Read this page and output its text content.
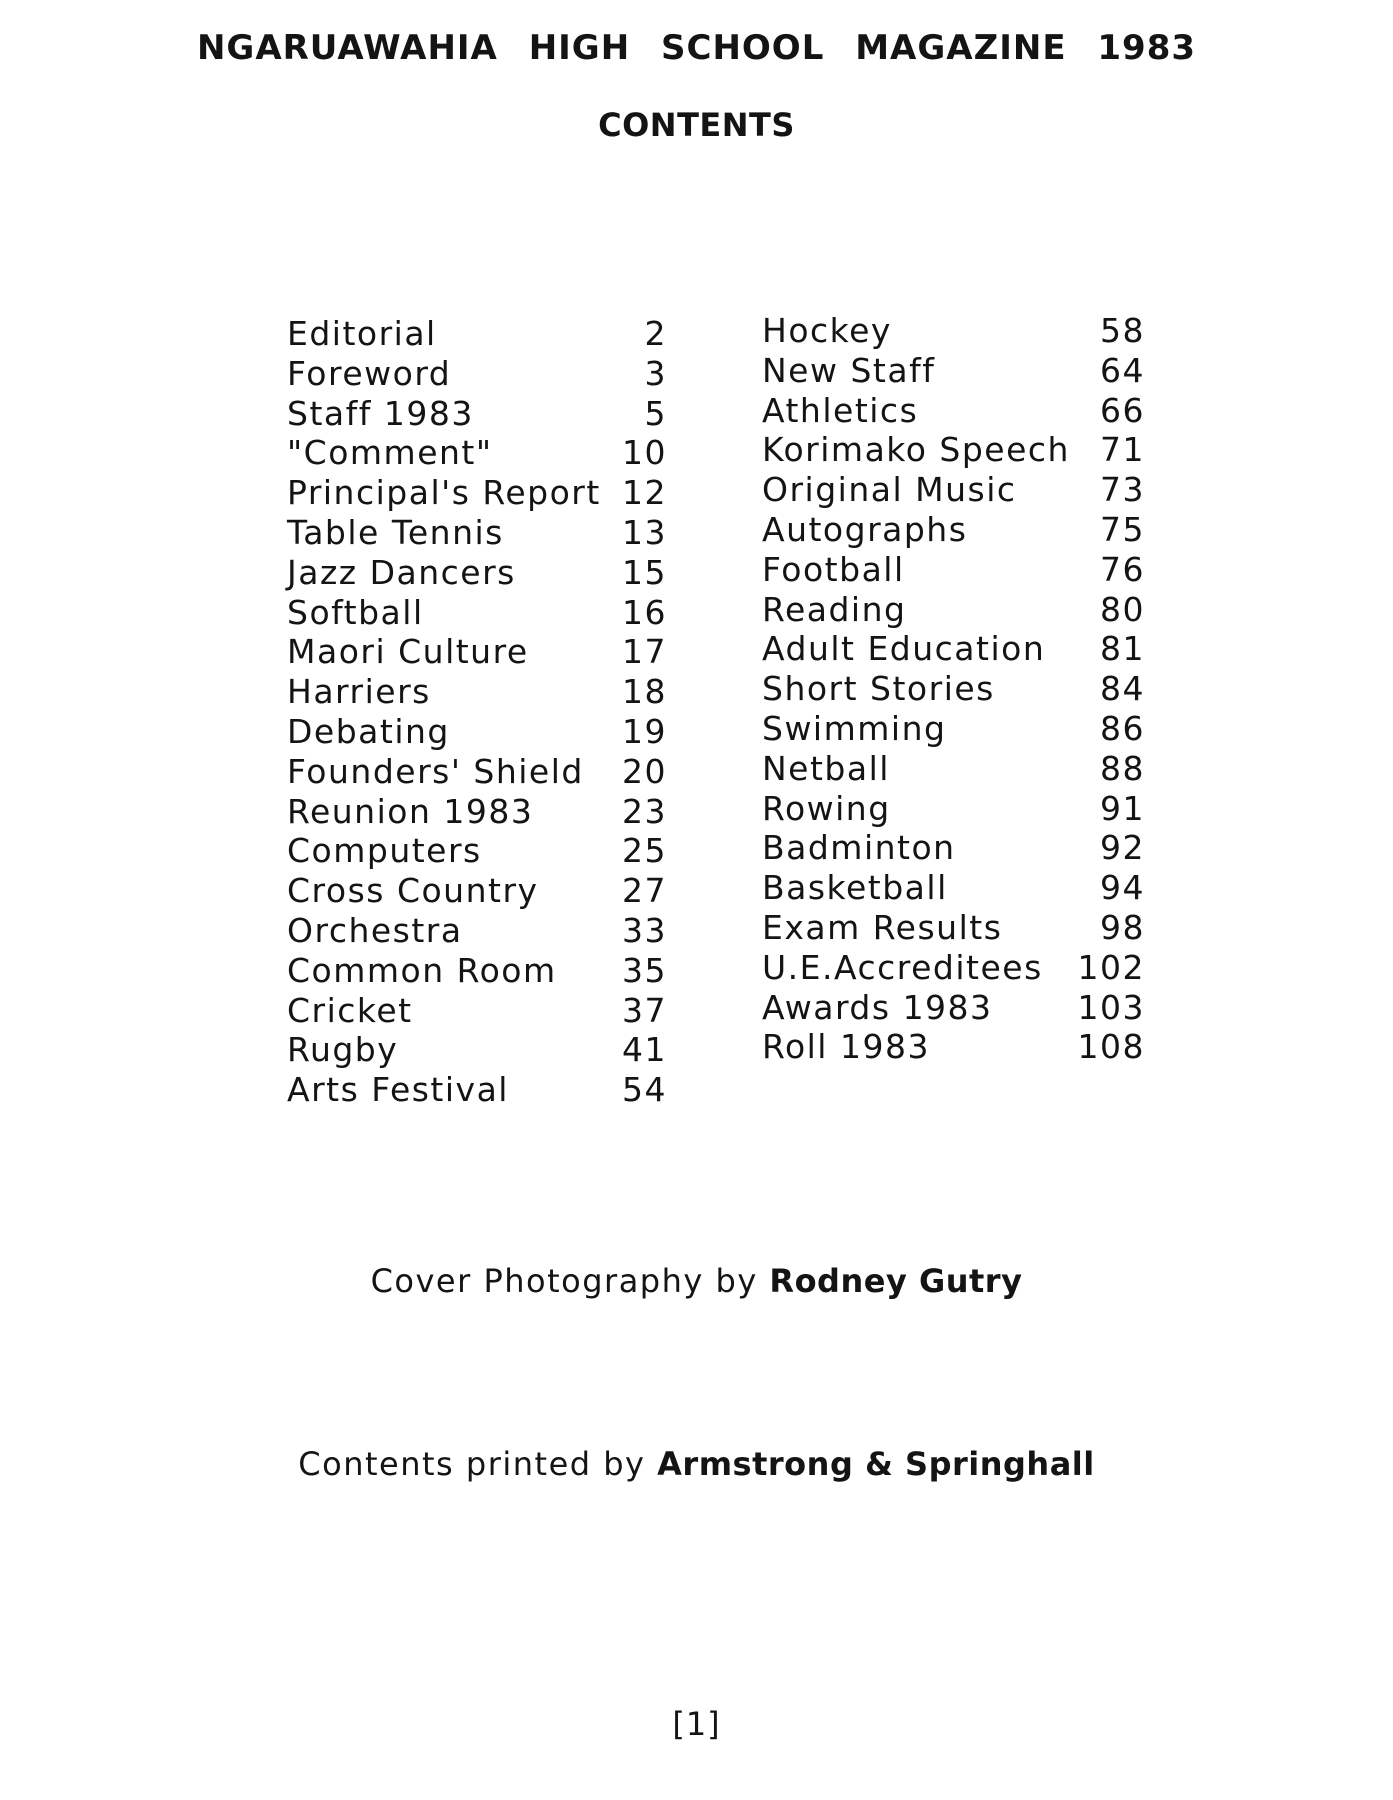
NGARUAWAHIA HIGH SCHOOL MAGAZINE 1983
CONTENTS
Editorial	2
Foreword	3
Staff 1983	5
"Comment"	10
Principal's Report 12
Table Tennis	13
Jazz Dancers	15
Softball	16
Maori Culture	17
Harriers	18
Debating	19
Founders' Shield 20
Reunion 1983	23
Computers	25
Cross Country	27
Orchestra	33
Common Room 35
Cricket	37
Rugby	41
Arts Festival	54
Hockey	58
New Staff	64
Athletics	66
Korimako Speech 71
Original Music	73
Autographs	75
Football	76
Reading	80
Adult Education 81
Short Stories	84
Swimming	86
Netball	88
Rowing	91
Badminton	92
Basketball	94
Exam Results	98
U.E.Accreditees 102
Awards 1983	103
Roll 1983	108
Cover Photography by Rodney Gutry
Contents printed by Armstrong & Springhall
[1]
